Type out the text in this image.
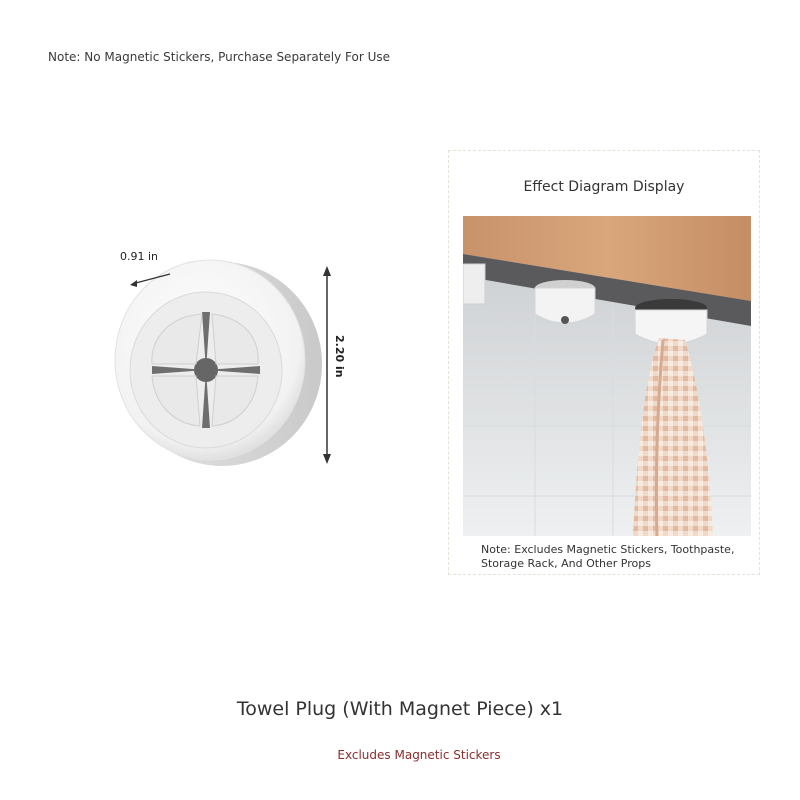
Note: No Magnetic Stickers, Purchase Separately For Use
0.91 in
2.20 in
Effect Diagram Display
Note: Excludes Magnetic Stickers, Toothpaste, Storage Rack, And Other Props
Towel Plug (With Magnet Piece) x1
Excludes Magnetic Stickers
